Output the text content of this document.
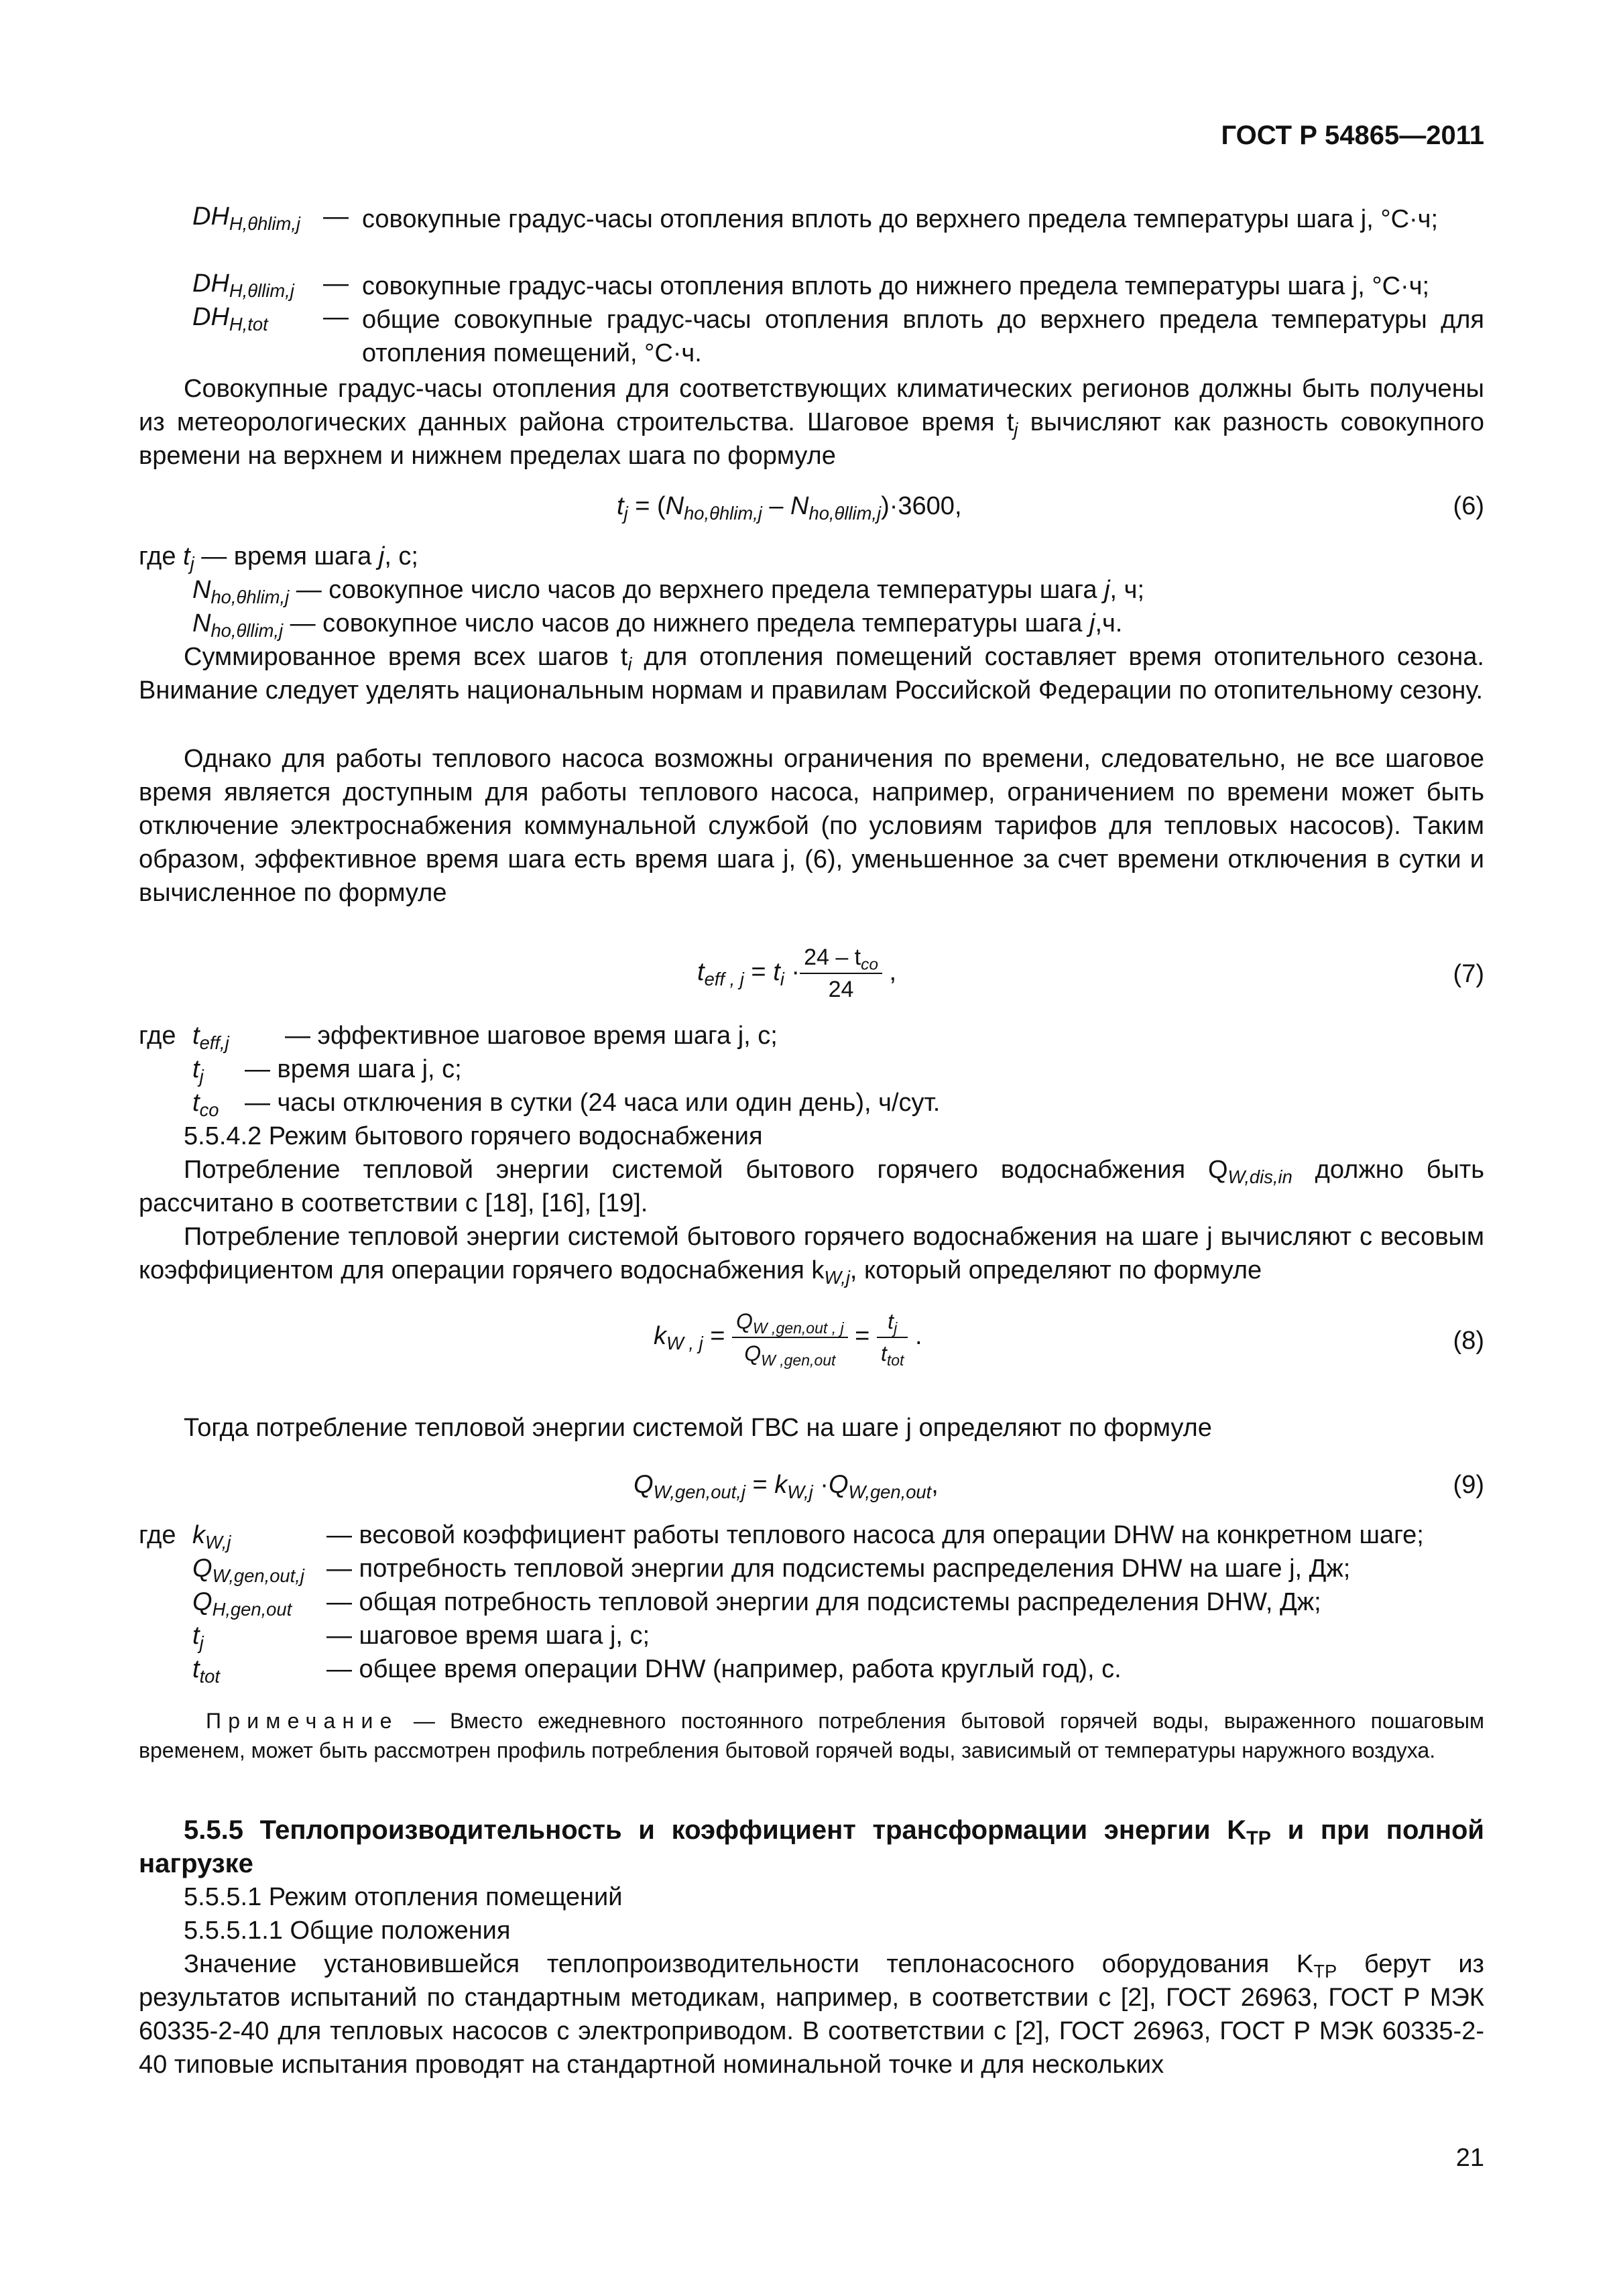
ГОСТ Р 54865—2011
$DH_{H,\theta hlim,j}$ — совокупные градус-часы отопления вплоть до верхнего предела температуры шага j, °С·ч;
$DH_{H,\theta llim,j}$ — совокупные градус-часы отопления вплоть до нижнего предела температуры шага j, °С·ч;
$DH_{H,tot}$ — общие совокупные градус-часы отопления вплоть до верхнего предела температуры для отопления помещений, °С·ч.
Совокупные градус-часы отопления для соответствующих климатических регионов должны быть получены из метеорологических данных района строительства. Шаговое время $t_j$ вычисляют как разность совокупного времени на верхнем и нижнем пределах шага по формуле
$t_j = (N_{ho,\theta hlim,j} - N_{ho,\theta llim,j})\cdot 3600$,	(6)
где $t_j$ — время шага j, с;
$N_{ho,\theta hlim,j}$ — совокупное число часов до верхнего предела температуры шага j, ч;
$N_{ho,\theta llim,j}$ — совокупное число часов до нижнего предела температуры шага j,ч.
Суммированное время всех шагов $t_i$ для отопления помещений составляет время отопительного сезона. Внимание следует уделять национальным нормам и правилам Российской Федерации по отопительному сезону.
Однако для работы теплового насоса возможны ограничения по времени, следовательно, не все шаговое время является доступным для работы теплового насоса, например, ограничением по времени может быть отключение электроснабжения коммунальной службой (по условиям тарифов для тепловых насосов). Таким образом, эффективное время шага есть время шага j, (6), уменьшенное за счет времени отключения в сутки и вычисленное по формуле
$t_{eff , j} = t_i \cdot \frac{24 - t_{co}}{24}$ ,	(7)
где $t_{eff,j}$ — эффективное шаговое время шага j, с;
$t_j$ — время шага j, с;
$t_{co}$ — часы отключения в сутки (24 часа или один день), ч/сут.
5.5.4.2 Режим бытового горячего водоснабжения
Потребление тепловой энергии системой бытового горячего водоснабжения $Q_{W,dis,in}$ должно быть рассчитано в соответствии с [18], [16], [19].
Потребление тепловой энергии системой бытового горячего водоснабжения на шаге j вычисляют с весовым коэффициентом для операции горячего водоснабжения $k_{W,j}$, который определяют по формуле
$k_{W , j} = \frac{Q_{W ,gen,out , j}}{Q_{W ,gen,out}} = \frac{t_j}{t_{tot}}$ .	(8)
Тогда потребление тепловой энергии системой ГВС на шаге j определяют по формуле
$Q_{W,gen,out,j} = k_{W,j} \cdot Q_{W,gen,out}$,	(9)
где $k_{W,j}$	— весовой коэффициент работы теплового насоса для операции DHW на конкретном шаге;
$Q_{W,gen,out,j}$ — потребность тепловой энергии для подсистемы распределения DHW на шаге j, Дж;
$Q_{H,gen,out}$ — общая потребность тепловой энергии для подсистемы распределения DHW, Дж;
$t_j$	— шаговое время шага j, с;
$t_{tot}$	— общее время операции DHW (например, работа круглый год), с.
Примечание — Вместо ежедневного постоянного потребления бытовой горячей воды, выраженного пошаговым временем, может быть рассмотрен профиль потребления бытовой горячей воды, зависимый от температуры наружного воздуха.
5.5.5 Теплопроизводительность и коэффициент трансформации энергии $K_{ТР}$ и при полной нагрузке
5.5.5.1 Режим отопления помещений
5.5.5.1.1 Общие положения
Значение установившейся теплопроизводительности теплонасосного оборудования $K_{ТР}$ берут из результатов испытаний по стандартным методикам, например, в соответствии с [2], ГОСТ 26963, ГОСТ Р МЭК 60335-2-40 для тепловых насосов с электроприводом. В соответствии с [2], ГОСТ 26963, ГОСТ Р МЭК 60335-2-40 типовые испытания проводят на стандартной номинальной точке и для нескольких
21
